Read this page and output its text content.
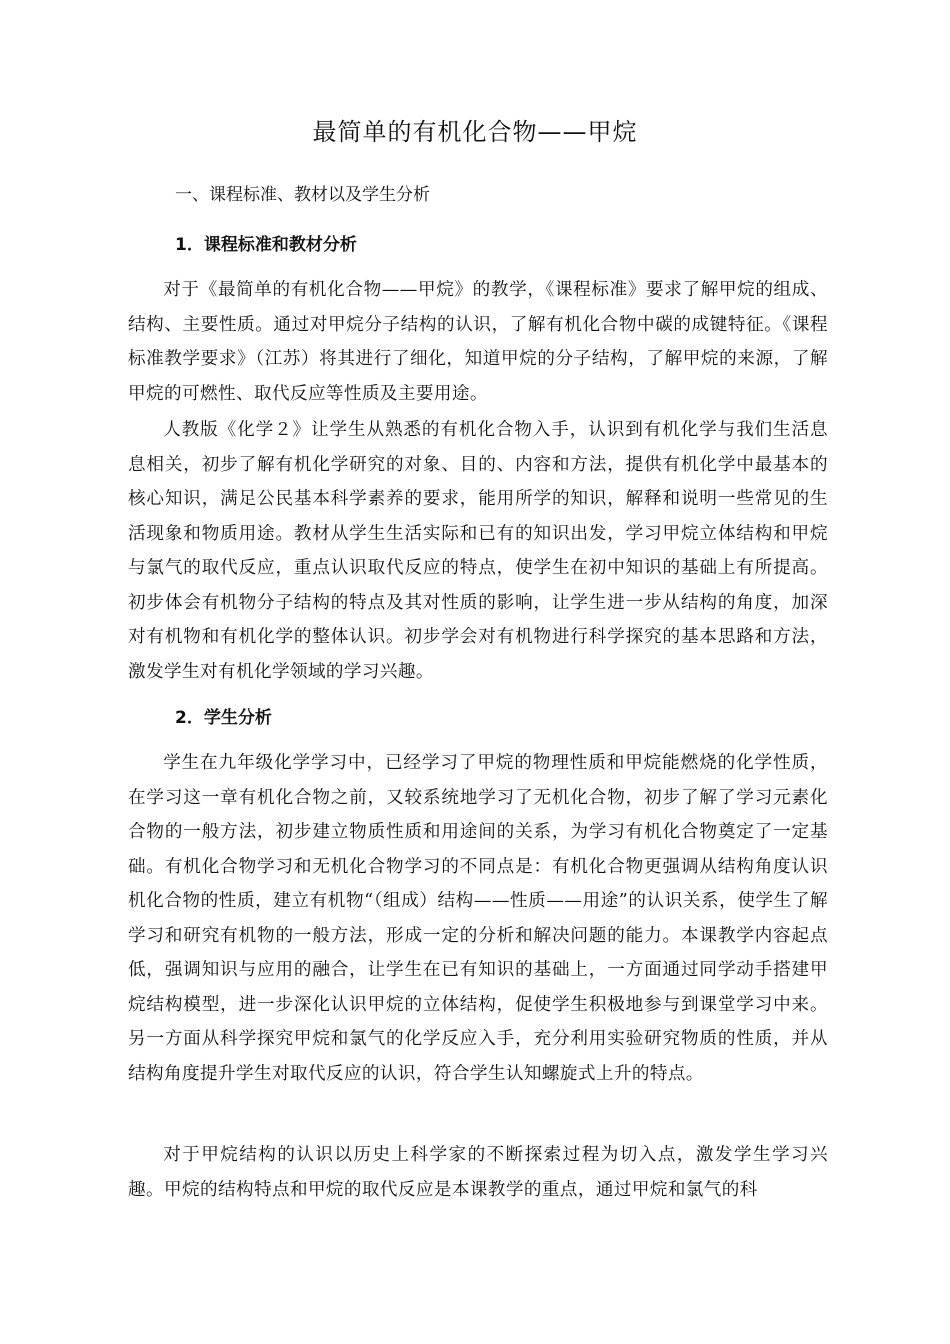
最简单的有机化合物——甲烷
一、课程标准、教材以及学生分析
1．课程标准和教材分析

对于《最简单的有机化合物——甲烷》的教学，《课程标准》要求了解甲烷的组成、结构、主要性质。通过对甲烷分子结构的认识，了解有机化合物中碳的成键特征。《课程标准教学要求》（江苏）将其进行了细化，知道甲烷的分子结构，了解甲烷的来源，了解甲烷的可燃性、取代反应等性质及主要用途。

人教版《化学２》让学生从熟悉的有机化合物入手，认识到有机化学与我们生活息息相关，初步了解有机化学研究的对象、目的、内容和方法，提供有机化学中最基本的核心知识，满足公民基本科学素养的要求，能用所学的知识，解释和说明一些常见的生活现象和物质用途。教材从学生生活实际和已有的知识出发，学习甲烷立体结构和甲烷与氯气的取代反应，重点认识取代反应的特点，使学生在初中知识的基础上有所提高。初步体会有机物分子结构的特点及其对性质的影响，让学生进一步从结构的角度，加深对有机物和有机化学的整体认识。初步学会对有机物进行科学探究的基本思路和方法，激发学生对有机化学领域的学习兴趣。

2．学生分析

学生在九年级化学学习中，已经学习了甲烷的物理性质和甲烷能燃烧的化学性质，在学习这一章有机化合物之前，又较系统地学习了无机化合物，初步了解了学习元素化合物的一般方法，初步建立物质性质和用途间的关系，为学习有机化合物奠定了一定基础。有机化合物学习和无机化合物学习的不同点是：有机化合物更强调从结构角度认识机化合物的性质，建立有机物“（组成）结构——性质——用途”的认识关系，使学生了解学习和研究有机物的一般方法，形成一定的分析和解决问题的能力。本课教学内容起点低，强调知识与应用的融合，让学生在已有知识的基础上，一方面通过同学动手搭建甲烷结构模型，进一步深化认识甲烷的立体结构，促使学生积极地参与到课堂学习中来。另一方面从科学探究甲烷和氯气的化学反应入手，充分利用实验研究物质的性质，并从结构角度提升学生对取代反应的认识，符合学生认知螺旋式上升的特点。

对于甲烷结构的认识以历史上科学家的不断探索过程为切入点，激发学生学习兴趣。甲烷的结构特点和甲烷的取代反应是本课教学的重点，通过甲烷和氯气的科
